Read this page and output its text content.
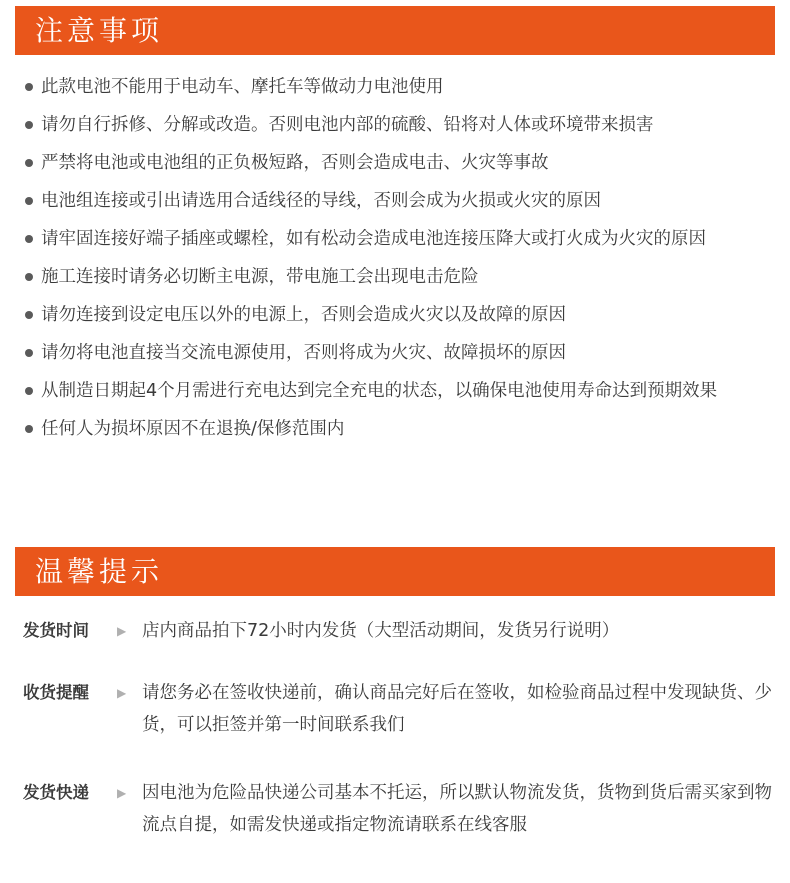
注意事项
此款电池不能用于电动车、摩托车等做动力电池使用
请勿自行拆修、分解或改造。否则电池内部的硫酸、铅将对人体或环境带来损害
严禁将电池或电池组的正负极短路，否则会造成电击、火灾等事故
电池组连接或引出请选用合适线径的导线，否则会成为火损或火灾的原因
请牢固连接好端子插座或螺栓，如有松动会造成电池连接压降大或打火成为火灾的原因
施工连接时请务必切断主电源，带电施工会出现电击危险
请勿连接到设定电压以外的电源上，否则会造成火灾以及故障的原因
请勿将电池直接当交流电源使用，否则将成为火灾、故障损坏的原因
从制造日期起4个月需进行充电达到完全充电的状态，以确保电池使用寿命达到预期效果
任何人为损坏原因不在退换/保修范围内
温馨提示
发货时间 ▶ 店内商品拍下72小时内发货（大型活动期间，发货另行说明）
收货提醒 ▶ 请您务必在签收快递前，确认商品完好后在签收，如检验商品过程中发现缺货、少货，可以拒签并第一时间联系我们
发货快递 ▶ 因电池为危险品快递公司基本不托运，所以默认物流发货，货物到货后需买家到物流点自提，如需发快递或指定物流请联系在线客服
